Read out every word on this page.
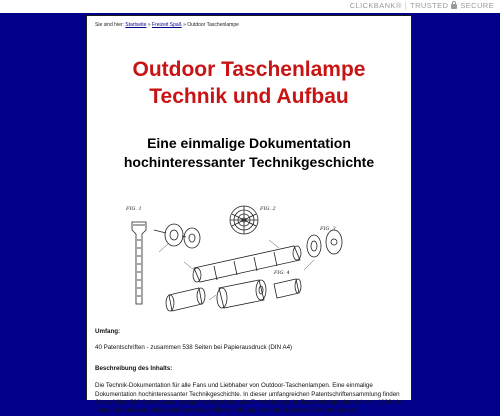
CLICKBANK® | TRUSTED SECURE
Sie sind hier: Startseite » Freizeit Spaß » Outdoor Taschenlampe
Outdoor Taschenlampe
Technik und Aufbau
Eine einmalige Dokumentation
hochinteressanter Technikgeschichte
FIG. 1	FIG. 2
FIG. 3
FIG. 4
Umfang:
40 Patentschriften - zusammen 538 Seiten bei Papierausdruck (DIN A4)
Beschreibung des Inhalts:
Die Technik-Dokumentation für alle Fans und Liebhaber von Outdoor-Taschenlampen. Eine einmalige Dokumentation hochinteressanter Technikgeschichte. In dieser umfangreichen Patentschriftensammlung finden Sie auf über 500 Seiten (wenn ausgedruckt) nahezu alle Entwicklungen im Taschenlampenbereich von 1980 bis heute. Sie erhalten umfassende technische Beschreibungen und detailgenaue Zeichnungen von
